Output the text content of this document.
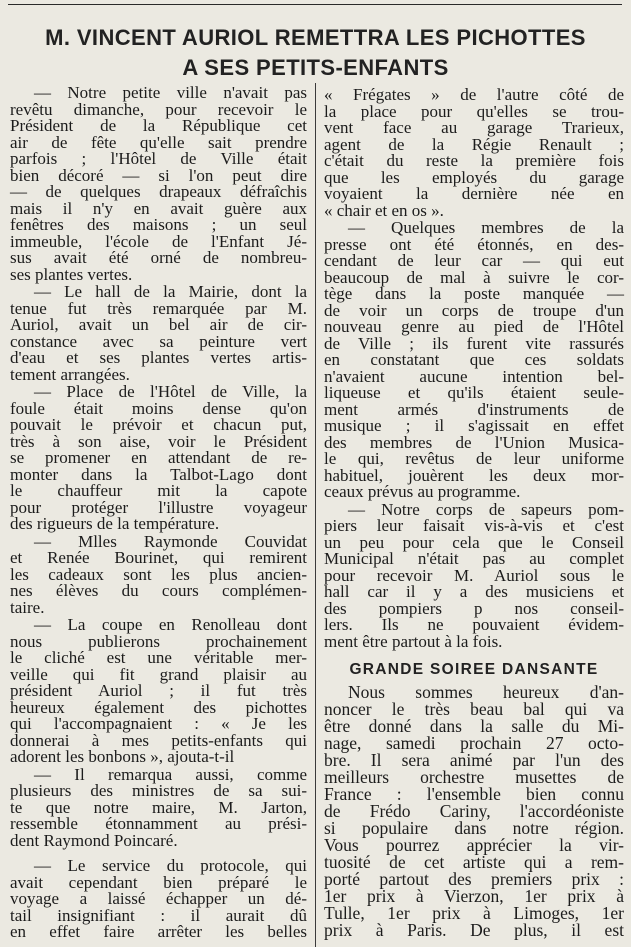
M. VINCENT AURIOL REMETTRA LES PICHOTTES
A SES PETITS-ENFANTS
— Notre petite ville n'avait pas
revêtu dimanche, pour recevoir le
Président de la République cet
air de fête qu'elle sait prendre
parfois ; l'Hôtel de Ville était
bien décoré — si l'on peut dire
— de quelques drapeaux défraîchis
mais il n'y en avait guère aux
fenêtres des maisons ; un seul
immeuble, l'école de l'Enfant Jé-
sus avait été orné de nombreu-
ses plantes vertes.
— Le hall de la Mairie, dont la
tenue fut très remarquée par M.
Auriol, avait un bel air de cir-
constance avec sa peinture vert
d'eau et ses plantes vertes artis-
tement arrangées.
— Place de l'Hôtel de Ville, la
foule était moins dense qu'on
pouvait le prévoir et chacun put,
très à son aise, voir le Président
se promener en attendant de re-
monter dans la Talbot-Lago dont
le chauffeur mit la capote
pour protéger l'illustre voyageur
des rigueurs de la température.
— Mlles Raymonde Couvidat
et Renée Bourinet, qui remirent
les cadeaux sont les plus ancien-
nes élèves du cours complémen-
taire.
— La coupe en Renolleau dont
nous publierons prochainement
le cliché est une véritable mer-
veille qui fit grand plaisir au
président Auriol ; il fut très
heureux également des pichottes
qui l'accompagnaient : « Je les
donnerai à mes petits-enfants qui
adorent les bonbons », ajouta-t-il
— Il remarqua aussi, comme
plusieurs des ministres de sa sui-
te que notre maire, M. Jarton,
ressemble étonnamment au prési-
dent Raymond Poincaré.
— Le service du protocole, qui
avait cependant bien préparé le
voyage a laissé échapper un dé-
tail insignifiant : il aurait dû
en effet faire arrêter les belles
« Frégates » de l'autre côté de
la place pour qu'elles se trou-
vent face au garage Trarieux,
agent de la Régie Renault ;
c'était du reste la première fois
que les employés du garage
voyaient la dernière née en
« chair et en os ».
— Quelques membres de la
presse ont été étonnés, en des-
cendant de leur car — qui eut
beaucoup de mal à suivre le cor-
tège dans la poste manquée —
de voir un corps de troupe d'un
nouveau genre au pied de l'Hôtel
de Ville ; ils furent vite rassurés
en constatant que ces soldats
n'avaient aucune intention bel-
liqueuse et qu'ils étaient seule-
ment armés d'instruments de
musique ; il s'agissait en effet
des membres de l'Union Musica-
le qui, revêtus de leur uniforme
habituel, jouèrent les deux mor-
ceaux prévus au programme.
— Notre corps de sapeurs pom-
piers leur faisait vis-à-vis et c'est
un peu pour cela que le Conseil
Municipal n'était pas au complet
pour recevoir M. Auriol sous le
hall car il y a des musiciens et
des pompiers p nos conseil-
lers. Ils ne pouvaient évidem-
ment être partout à la fois.
GRANDE SOIREE DANSANTE
Nous sommes heureux d'an-
noncer le très beau bal qui va
être donné dans la salle du Mi-
nage, samedi prochain 27 octo-
bre. Il sera animé par l'un des
meilleurs orchestre musettes de
France : l'ensemble bien connu
de Frédo Cariny, l'accordéoniste
si populaire dans notre région.
Vous pourrez apprécier la vir-
tuosité de cet artiste qui a rem-
porté partout des premiers prix :
1er prix à Vierzon, 1er prix à
Tulle, 1er prix à Limoges, 1er
prix à Paris. De plus, il est
